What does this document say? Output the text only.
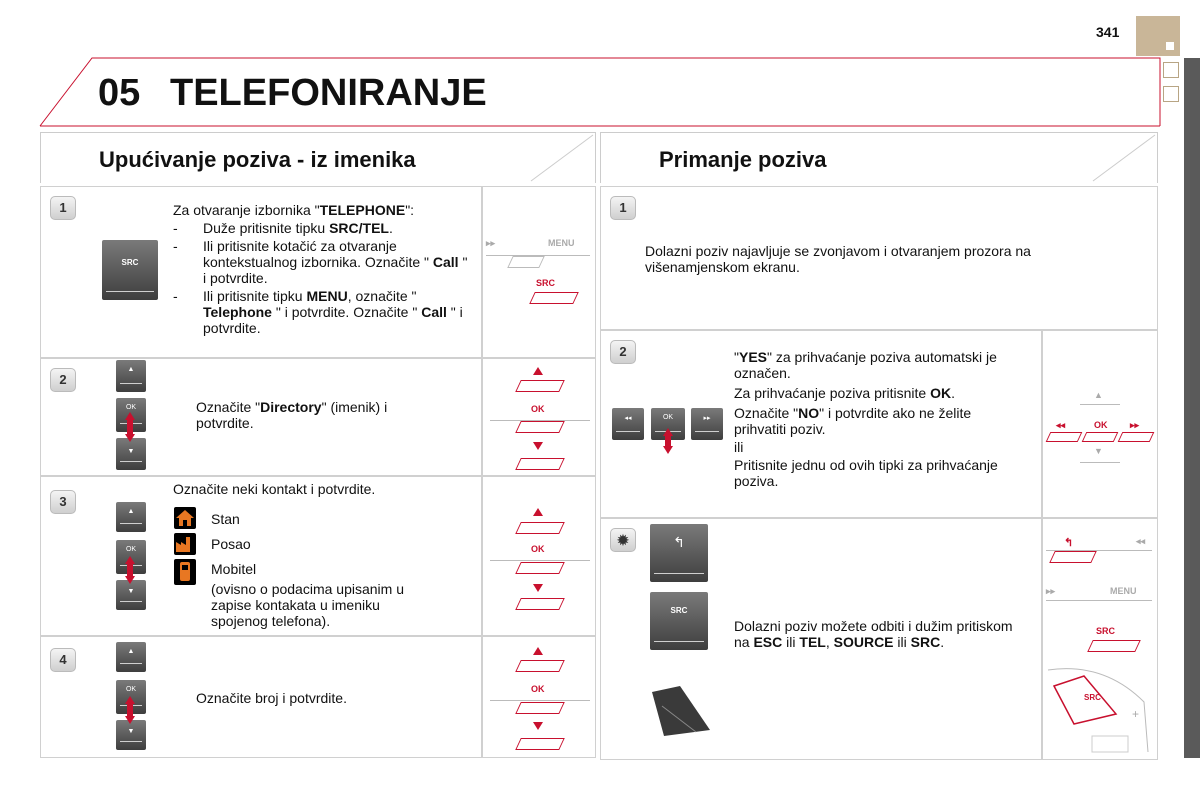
341
05 TELEFONIRANJE
Upućivanje poziva - iz imenika	Primanje poziva
1
SRC
Za otvaranje izbornika "TELEPHONE":
- Duže pritisnite tipku SRC/TEL.
- Ili pritisnite kotačić za otvaranje kontekstualnog izbornika. Označite " Call " i potvrdite.
- Ili pritisnite tipku MENU, označite " Telephone " i potvrdite. Označite " Call " i potvrdite.
▸▸	MENU
SRC
2
▲
OK
▼
Označite "Directory" (imenik) i potvrdite.
3
Označite neki kontakt i potvrdite.
▲
OK
▼
Stan
Posao
Mobitel
(ovisno o podacima upisanim u zapise kontakata u imeniku spojenog telefona).
4
▲
OK
▼
Označite broj i potvrdite.
OK
OK
OK
1
Dolazni poziv najavljuje se zvonjavom i otvaranjem prozora na višenamjenskom ekranu.
2
◂◂	OK	▸▸
"YES" za prihvaćanje poziva automatski je označen.
Za prihvaćanje poziva pritisnite OK.
Označite "NO" i potvrdite ako ne želite prihvatiti poziv.
ili
Pritisnite jednu od ovih tipki za prihvaćanje poziva.
▲
◂◂	OK	▸▸
▼
✹	↰
SRC
Dolazni poziv možete odbiti i dužim pritiskom na ESC ili TEL, SOURCE ili SRC.
↰	◂◂
▸▸	MENU
SRC
SRC
+
